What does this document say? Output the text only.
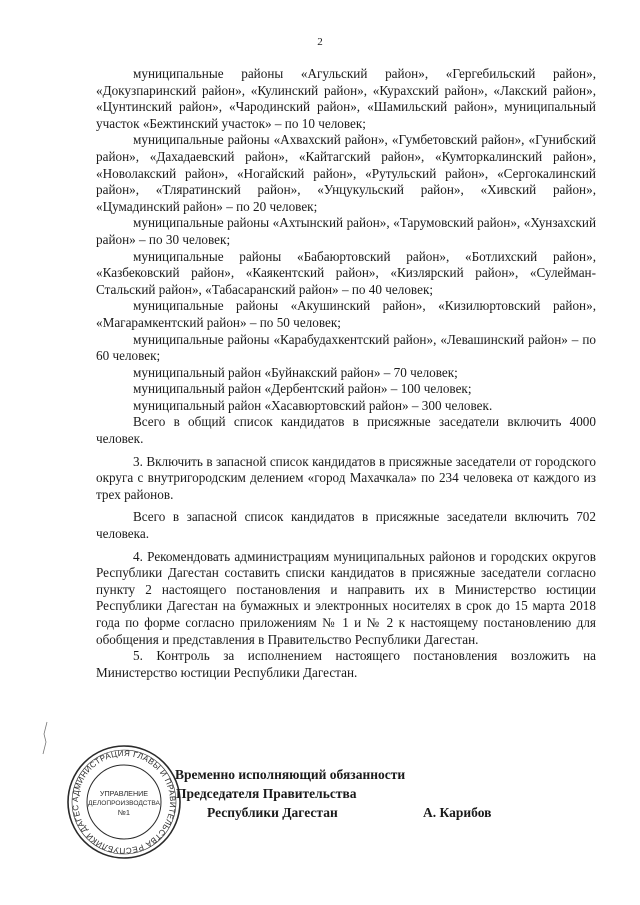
2

муниципальные районы «Агульский район», «Гергебильский район», «Докузпаринский район», «Кулинский район», «Курахский район», «Лакский район», «Цунтинский район», «Чародинский район», «Шамильский район», муниципальный участок «Бежтинский участок» – по 10 человек;

муниципальные районы «Ахвахский район», «Гумбетовский район», «Гунибский район», «Дахадаевский район», «Кайтагский район», «Кумторкалинский район», «Новолакский район», «Ногайский район», «Рутульский район», «Сергокалинский район», «Тляратинский район», «Унцукульский район», «Хивский район», «Цумадинский район» – по 20 человек;

муниципальные районы «Ахтынский район», «Тарумовский район», «Хунзахский район» – по 30 человек;

муниципальные районы «Бабаюртовский район», «Ботлихский район», «Казбековский район», «Каякентский район», «Кизлярский район», «Сулейман-Стальский район», «Табасаранский район» – по 40 человек;

муниципальные районы «Акушинский район», «Кизилюртовский район», «Магарамкентский район» – по 50 человек;

муниципальные районы «Карабудахкентский район», «Левашинский район» – по 60 человек;

муниципальный район «Буйнакский район» – 70 человек;

муниципальный район «Дербентский район» – 100 человек;

муниципальный район «Хасавюртовский район» – 300 человек.

Всего в общий список кандидатов в присяжные заседатели включить 4000 человек.

3. Включить в запасной список кандидатов в присяжные заседатели от городского округа с внутригородским делением «город Махачкала» по 234 человека от каждого из трех районов.

Всего в запасной список кандидатов в присяжные заседатели включить 702 человека.

4. Рекомендовать администрациям муниципальных районов и городских округов Республики Дагестан составить списки кандидатов в присяжные заседатели согласно пункту 2 настоящего постановления и направить их в Министерство юстиции Республики Дагестан на бумажных и электронных носителях в срок до 15 марта 2018 года по форме согласно приложениям № 1 и № 2 к настоящему постановлению для обобщения и представления в Правительство Республики Дагестан.

5. Контроль за исполнением настоящего постановления возложить на Министерство юстиции Республики Дагестан.

АДМИНИСТРАЦИЯ ГЛАВЫ И ПРАВИТЕЛЬСТВА РЕСПУБЛИКИ ДАГЕС
УПРАВЛЕНИЕ
ДЕЛОПРОИЗВОДСТВА
№1
Временно исполняющий обязанности
Председателя Правительства
Республики Дагестан	А. Карибов
